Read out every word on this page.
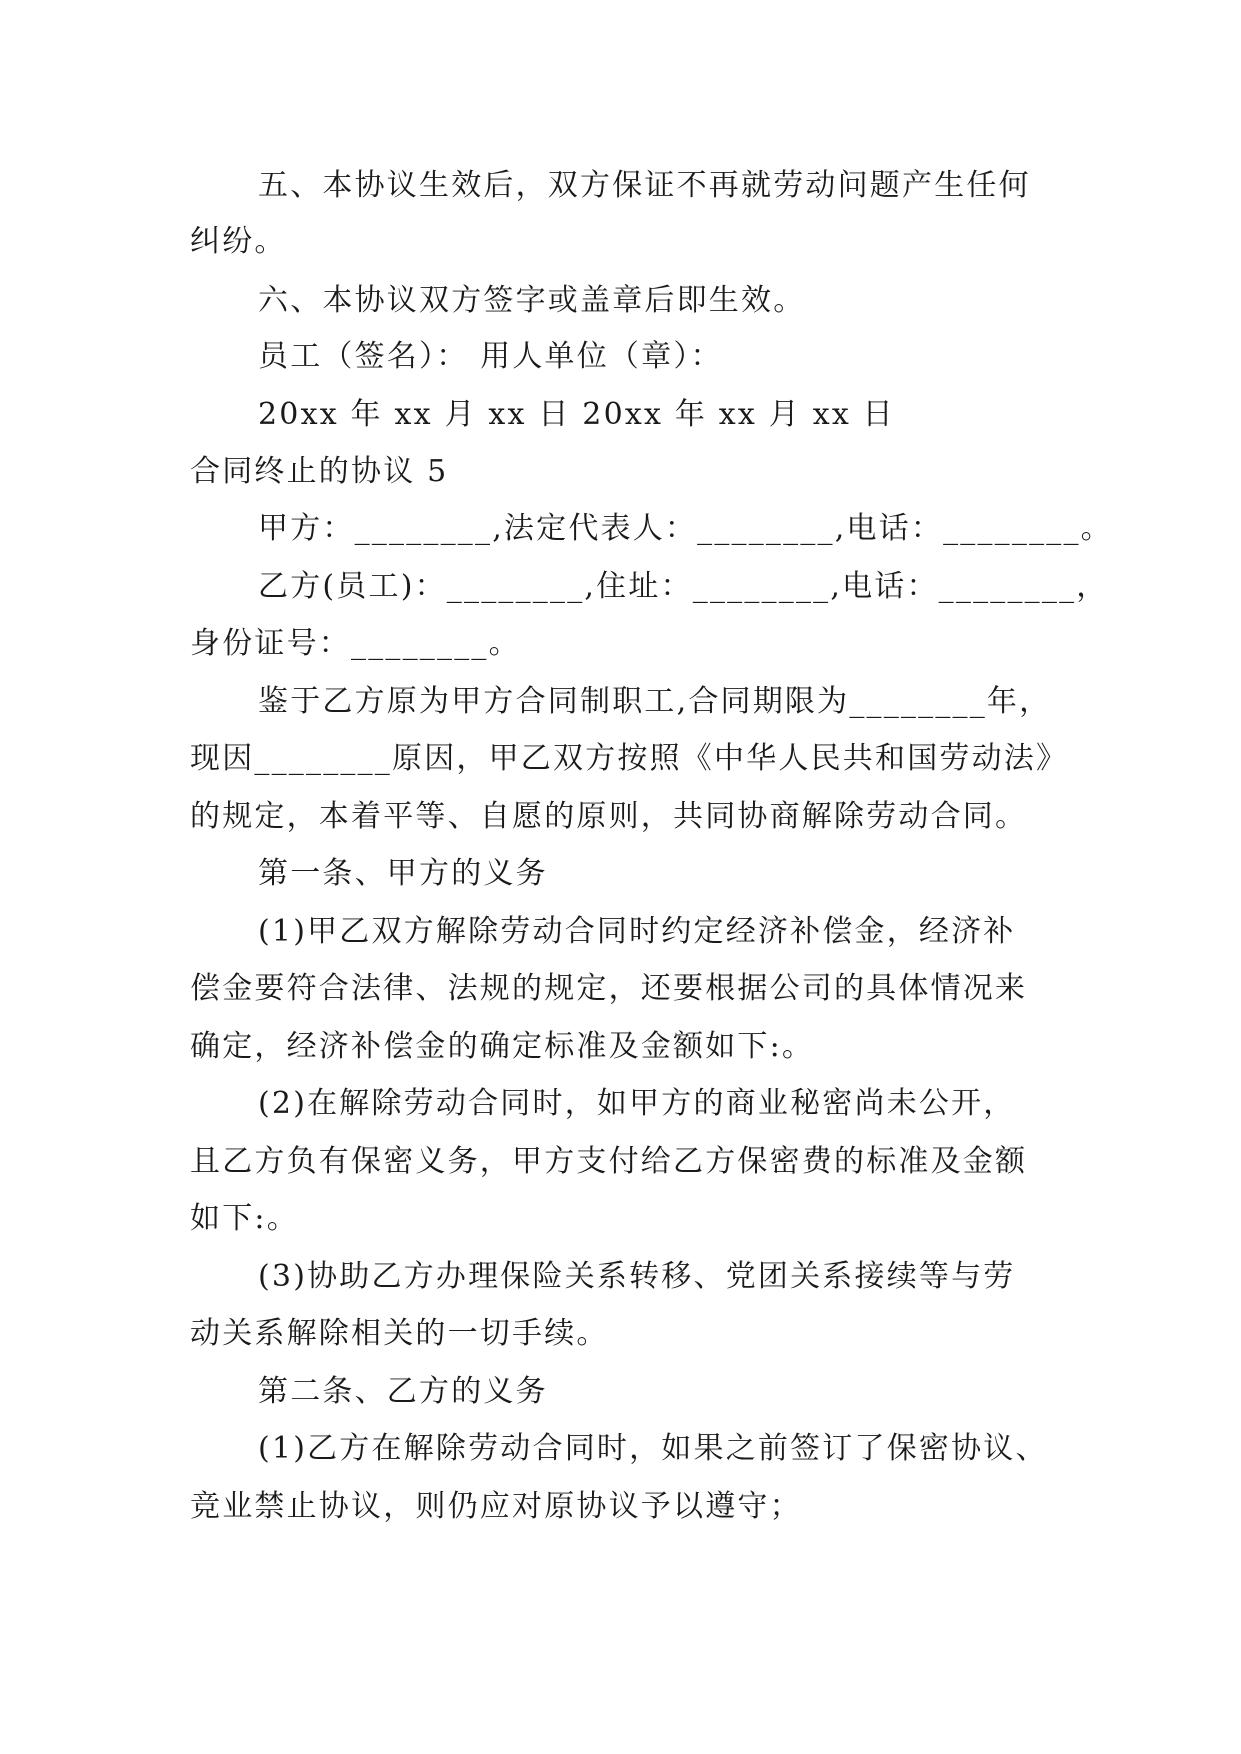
五、本协议生效后，双方保证不再就劳动问题产生任何
纠纷。
六、本协议双方签字或盖章后即生效。
员工（签名）： 用人单位（章）：
20xx 年 xx 月 xx 日 20xx 年 xx 月 xx 日
合同终止的协议 5
甲方：________,法定代表人：________,电话：________。
乙方(员工)：________,住址：________,电话：________，
身份证号：________。
鉴于乙方原为甲方合同制职工,合同期限为________年，
现因________原因，甲乙双方按照《中华人民共和国劳动法》
的规定，本着平等、自愿的原则，共同协商解除劳动合同。
第一条、甲方的义务
(1)甲乙双方解除劳动合同时约定经济补偿金，经济补
偿金要符合法律、法规的规定，还要根据公司的具体情况来
确定，经济补偿金的确定标准及金额如下:。
(2)在解除劳动合同时，如甲方的商业秘密尚未公开，
且乙方负有保密义务，甲方支付给乙方保密费的标准及金额
如下:。
(3)协助乙方办理保险关系转移、党团关系接续等与劳
动关系解除相关的一切手续。
第二条、乙方的义务
(1)乙方在解除劳动合同时，如果之前签订了保密协议、
竞业禁止协议，则仍应对原协议予以遵守；
